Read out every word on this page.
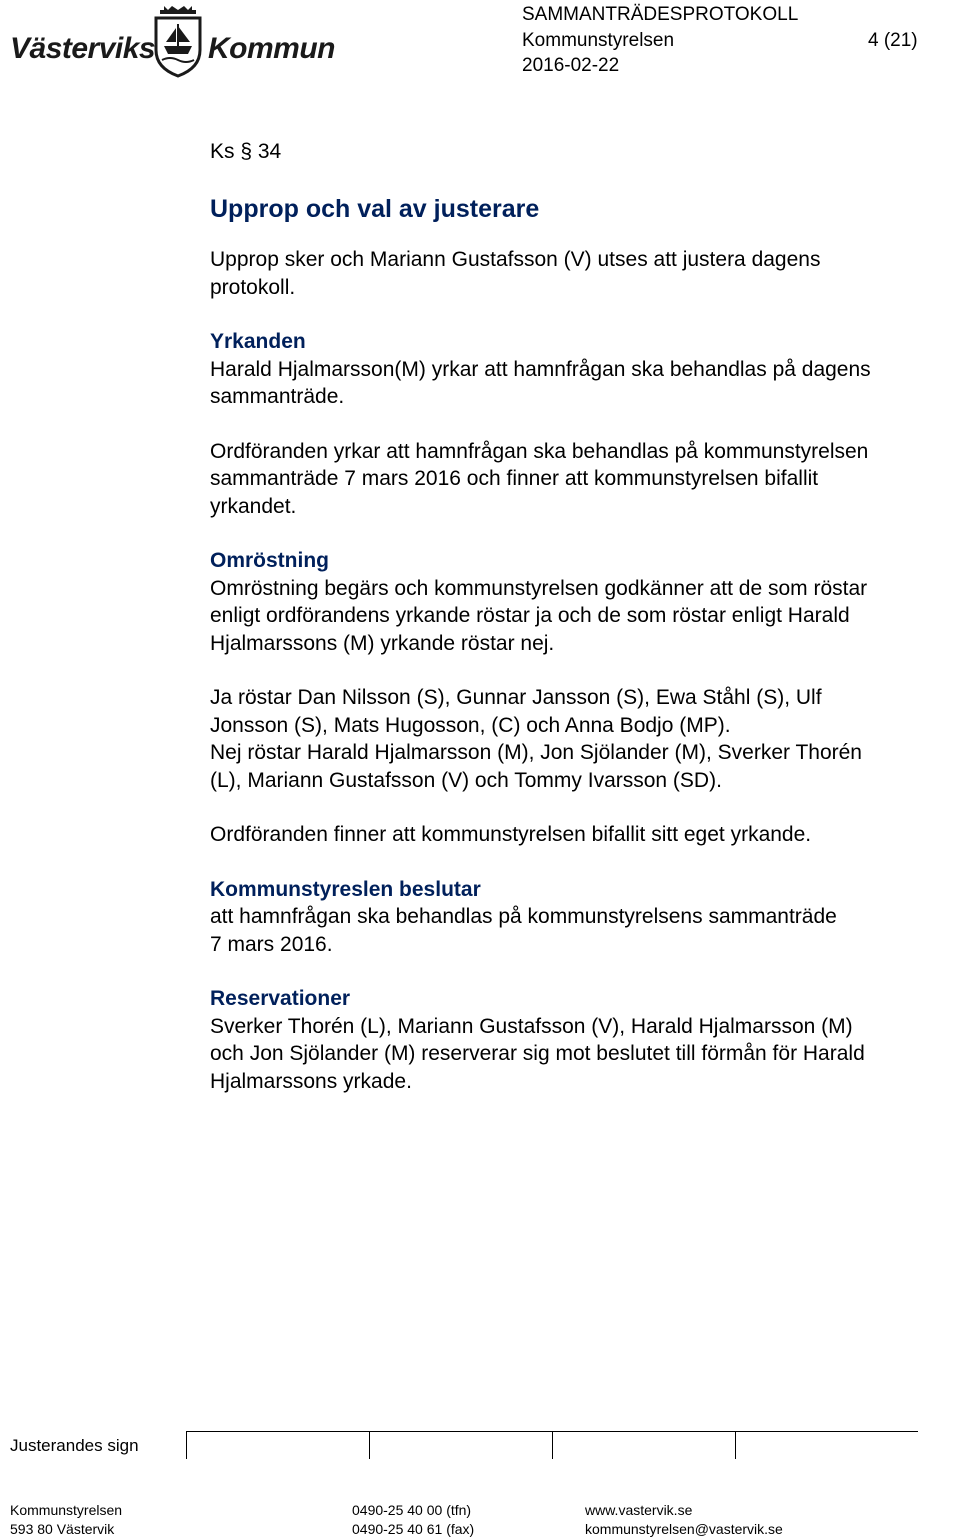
Västerviks Kommun
SAMMANTRÄDESPROTOKOLL
Kommunstyrelsen	4 (21)
2016-02-22

Ks § 34

Upprop och val av justerare

Upprop sker och Mariann Gustafsson (V) utses att justera dagens
protokoll.

Yrkanden

Harald Hjalmarsson(M) yrkar att hamnfrågan ska behandlas på dagens
sammanträde.

Ordföranden yrkar att hamnfrågan ska behandlas på kommunstyrelsen
sammanträde 7 mars 2016 och finner att kommunstyrelsen bifallit
yrkandet.

Omröstning

Omröstning begärs och kommunstyrelsen godkänner att de som röstar
enligt ordförandens yrkande röstar ja och de som röstar enligt Harald
Hjalmarssons (M) yrkande röstar nej.

Ja röstar Dan Nilsson (S), Gunnar Jansson (S), Ewa Ståhl (S), Ulf
Jonsson (S), Mats Hugosson, (C) och Anna Bodjo (MP).

Nej röstar Harald Hjalmarsson (M), Jon Sjölander (M), Sverker Thorén
(L), Mariann Gustafsson (V) och Tommy Ivarsson (SD).

Ordföranden finner att kommunstyrelsen bifallit sitt eget yrkande.

Kommunstyreslen beslutar

att hamnfrågan ska behandlas på kommunstyrelsens sammanträde
7 mars 2016.

Reservationer

Sverker Thorén (L), Mariann Gustafsson (V), Harald Hjalmarsson (M)
och Jon Sjölander (M) reserverar sig mot beslutet till förmån för Harald
Hjalmarssons yrkade.

Justerandes sign
Kommunstyrelsen
593 80 Västervik
0490-25 40 00 (tfn)
0490-25 40 61 (fax)
www.vastervik.se
kommunstyrelsen@vastervik.se
